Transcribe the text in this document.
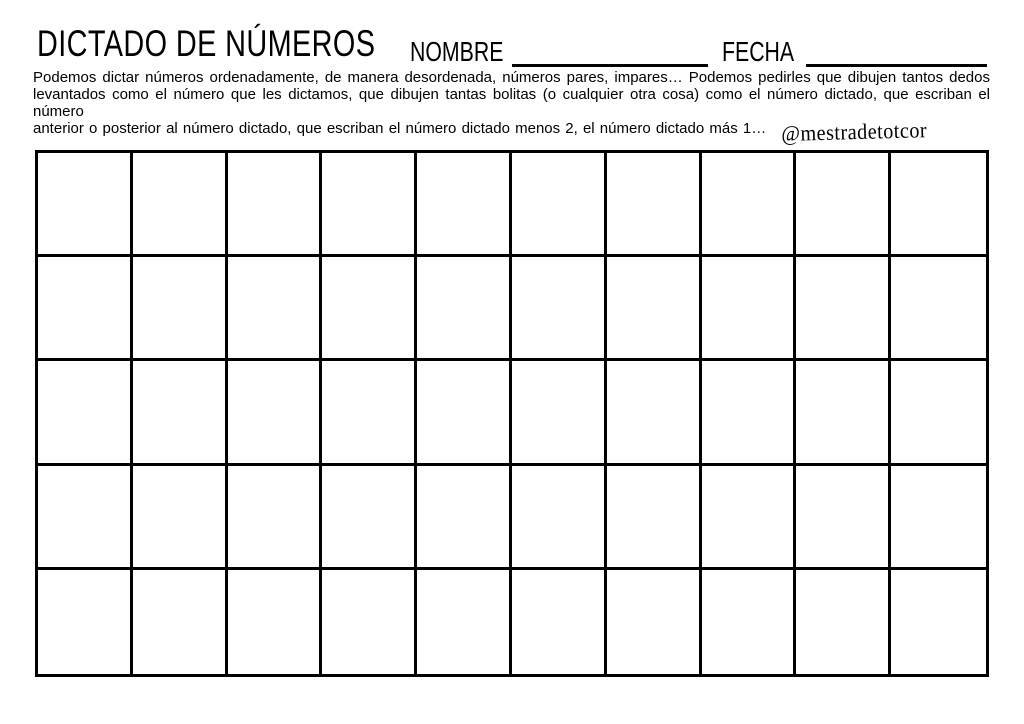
DICTADO DE NÚMEROS NOMBRE	FECHA
Podemos dictar números ordenadamente, de manera desordenada, números pares, impares… Podemos pedirles que dibujen tantos dedos
levantados como el número que les dictamos, que dibujen tantas bolitas (o cualquier otra cosa) como el número dictado, que escriban el número
anterior o posterior al número dictado, que escriban el número dictado menos 2, el número dictado más 1… @mestradetotcor
